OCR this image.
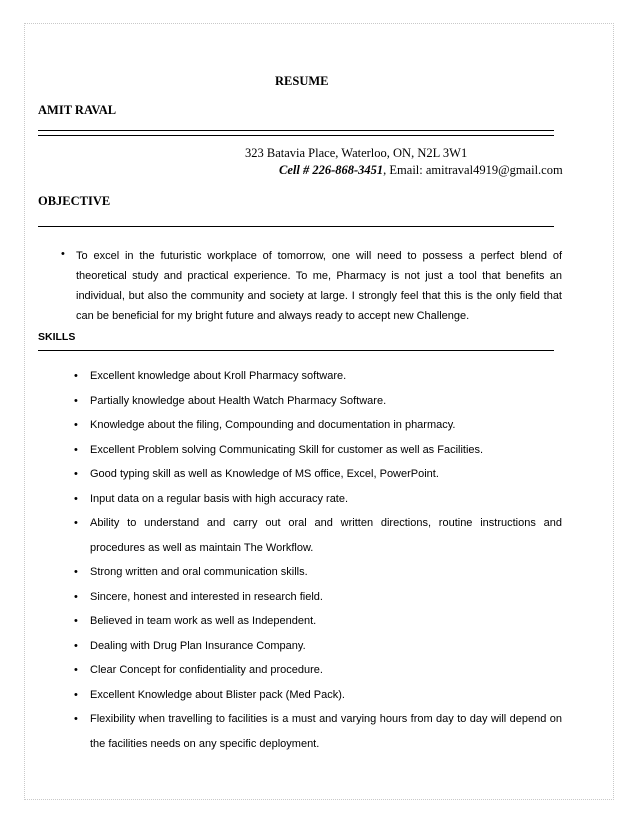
RESUME
AMIT RAVAL
323 Batavia Place, Waterloo, ON, N2L 3W1
Cell # 226-868-3451, Email: amitraval4919@gmail.com
OBJECTIVE
• To excel in the futuristic workplace of tomorrow, one will need to possess a perfect blend of theoretical study and practical experience. To me, Pharmacy is not just a tool that benefits an individual, but also the community and society at large. I strongly feel that this is the only field that can be beneficial for my bright future and always ready to accept new Challenge.
SKILLS
• Excellent knowledge about Kroll Pharmacy software.
• Partially knowledge about Health Watch Pharmacy Software.
• Knowledge about the filing, Compounding and documentation in pharmacy.
• Excellent Problem solving Communicating Skill for customer as well as Facilities.
• Good typing skill as well as Knowledge of MS office, Excel, PowerPoint.
• Input data on a regular basis with high accuracy rate.
• Ability to understand and carry out oral and written directions, routine instructions and procedures as well as maintain The Workflow.
• Strong written and oral communication skills.
• Sincere, honest and interested in research field.
• Believed in team work as well as Independent.
• Dealing with Drug Plan Insurance Company.
• Clear Concept for confidentiality and procedure.
• Excellent Knowledge about Blister pack (Med Pack).
• Flexibility when travelling to facilities is a must and varying hours from day to day will depend on the facilities needs on any specific deployment.
